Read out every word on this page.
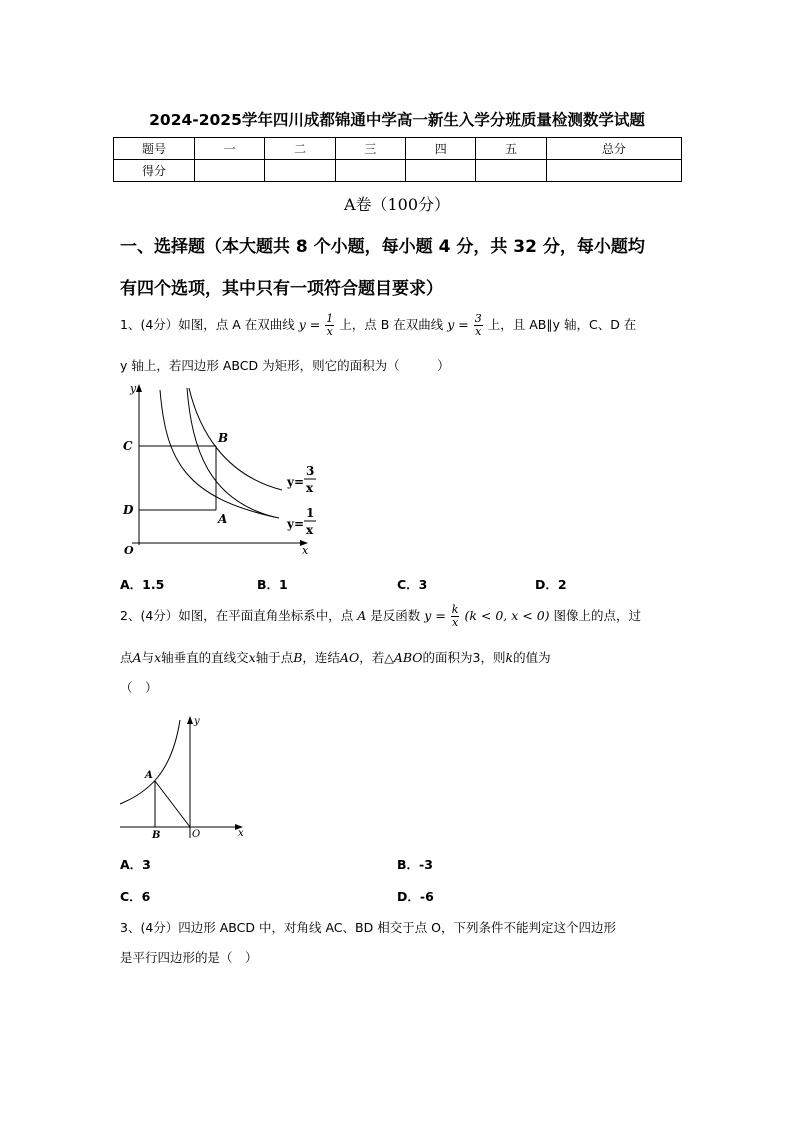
2024-2025学年四川成都锦通中学高一新生入学分班质量检测数学试题
题号	一	二	三	四	五	总分
得分						
A卷（100分）
一、选择题（本大题共 8 个小题，每小题 4 分，共 32 分，每小题均
有四个选项，其中只有一项符合题目要求）
1、(4分）如图，点 A 在双曲线 $y = \frac{1}{x}$ 上，点 B 在双曲线 $y = \frac{3}{x}$ 上，且 AB∥y 轴，C、D 在
y 轴上，若四边形 ABCD 为矩形，则它的面积为（　　　）
y
x
O
C
D
B
A
y=
3
x
y=
1
x
A．1.5	B．1	C．3	D．2
2、(4分）如图，在平面直角坐标系中，点 A 是反函数 $y = \frac{k}{x} (k < 0$, x < 0) 图像上的点，过
点A与x轴垂直的直线交x轴于点B，连结AO，若△ABO的面积为3，则k的值为
（　）
y
x
O
A
B
A．3	B．-3
C．6	D．-6
3、(4分）四边形 ABCD 中，对角线 AC、BD 相交于点 O，下列条件不能判定这个四边形
是平行四边形的是（　）
